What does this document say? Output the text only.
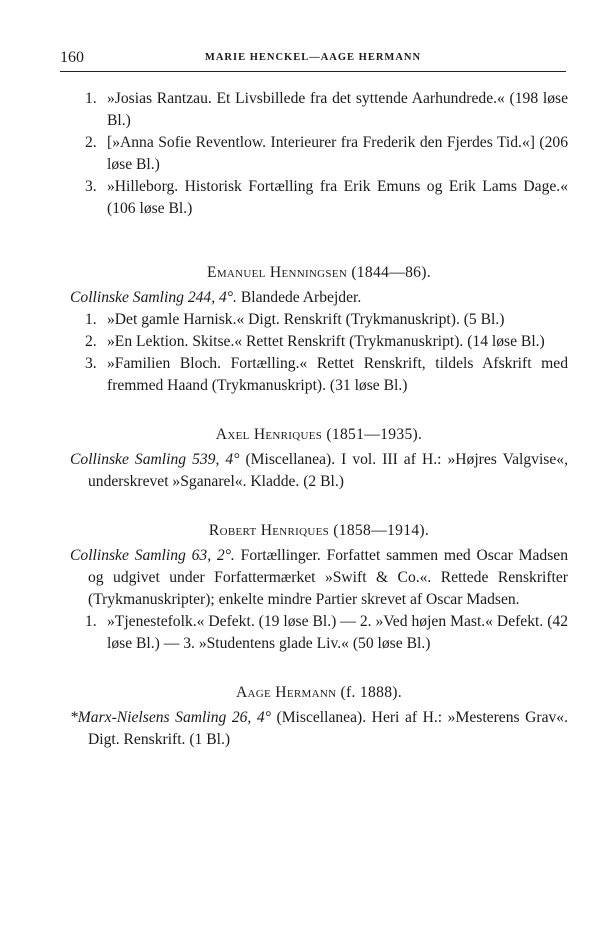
160	MARIE HENCKEL—AAGE HERMANN

1. »Josias Rantzau. Et Livsbillede fra det syttende Aarhundrede.« (198 løse Bl.)

2. [»Anna Sofie Reventlow. Interieurer fra Frederik den Fjerdes Tid.«] (206 løse Bl.)

3. »Hilleborg. Historisk Fortælling fra Erik Emuns og Erik Lams Dage.« (106 løse Bl.)

Emanuel Henningsen (1844—86).

Collinske Samling 244, 4°. Blandede Arbejder.

1. »Det gamle Harnisk.« Digt. Renskrift (Trykmanuskript). (5 Bl.)

2. »En Lektion. Skitse.« Rettet Renskrift (Trykmanuskript). (14 løse Bl.)

3. »Familien Bloch. Fortælling.« Rettet Renskrift, tildels Afskrift med fremmed Haand (Trykmanuskript). (31 løse Bl.)

Axel Henriques (1851—1935).

Collinske Samling 539, 4° (Miscellanea). I vol. III af H.: »Højres Valgvise«, underskrevet »Sganarel«. Kladde. (2 Bl.)

Robert Henriques (1858—1914).

Collinske Samling 63, 2°. Fortællinger. Forfattet sammen med Oscar Madsen og udgivet under Forfattermærket »Swift & Co.«. Rettede Renskrifter (Trykmanuskripter); enkelte mindre Partier skrevet af Oscar Madsen.

1. »Tjenestefolk.« Defekt. (19 løse Bl.) — 2. »Ved højen Mast.« Defekt. (42 løse Bl.) — 3. »Studentens glade Liv.« (50 løse Bl.)

Aage Hermann (f. 1888).

*Marx-Nielsens Samling 26, 4° (Miscellanea). Heri af H.: »Mesterens Grav«. Digt. Renskrift. (1 Bl.)
